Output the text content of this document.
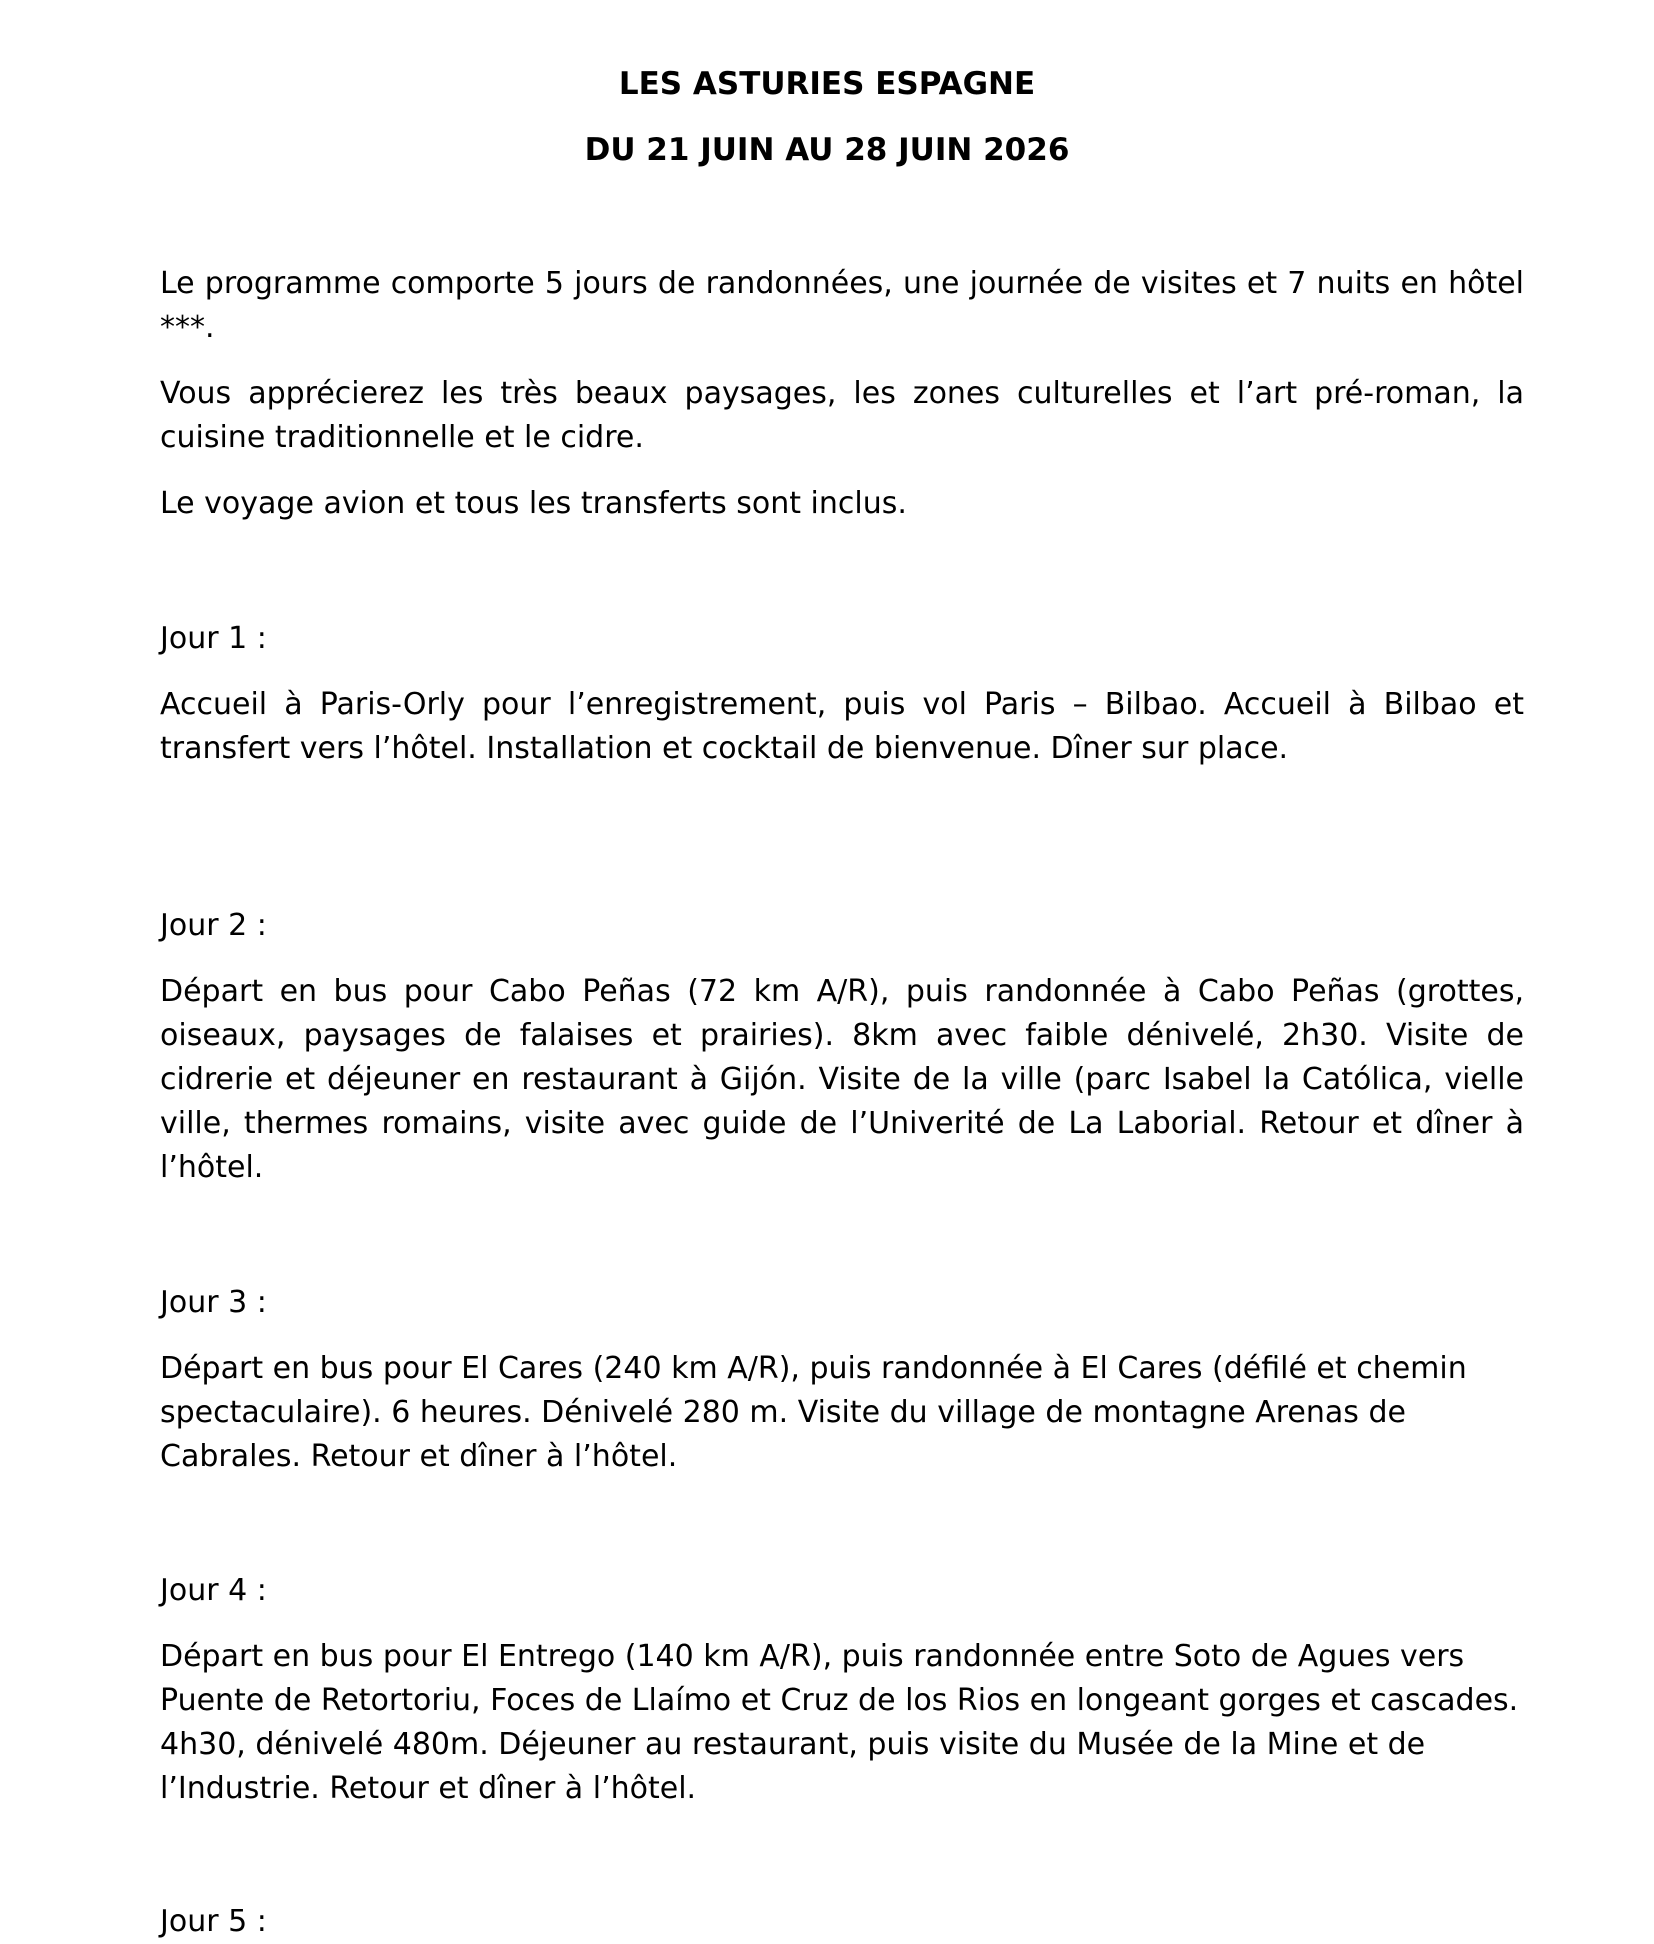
LES ASTURIES ESPAGNE
DU 21 JUIN AU 28 JUIN 2026

Le programme comporte 5 jours de randonnées, une journée de visites et 7 nuits en hôtel ***.

Vous apprécierez les très beaux paysages, les zones culturelles et l’art pré-roman, la cuisine traditionnelle et le cidre.

Le voyage avion et tous les transferts sont inclus.

Jour 1 :

Accueil à Paris-Orly pour l’enregistrement, puis vol Paris – Bilbao. Accueil à Bilbao et transfert vers l’hôtel. Installation et cocktail de bienvenue. Dîner sur place.

Jour 2 :

Départ en bus pour Cabo Peñas (72 km A/R), puis randonnée à Cabo Peñas (grottes, oiseaux, paysages de falaises et prairies). 8km avec faible dénivelé, 2h30. Visite de cidrerie et déjeuner en restaurant à Gijón. Visite de la ville (parc Isabel la Católica, vielle ville, thermes romains, visite avec guide de l’Univerité de La Laborial. Retour et dîner à l’hôtel.

Jour 3 :

Départ en bus pour El Cares (240 km A/R), puis randonnée à El Cares (défilé et chemin spectaculaire). 6 heures. Dénivelé 280 m. Visite du village de montagne Arenas de Cabrales. Retour et dîner à l’hôtel.

Jour 4 :

Départ en bus pour El Entrego (140 km A/R), puis randonnée entre Soto de Agues vers Puente de Retortoriu, Foces de Llaímo et Cruz de los Rios en longeant gorges et cascades. 4h30, dénivelé 480m. Déjeuner au restaurant, puis visite du Musée de la Mine et de l’Industrie. Retour et dîner à l’hôtel.

Jour 5 :
